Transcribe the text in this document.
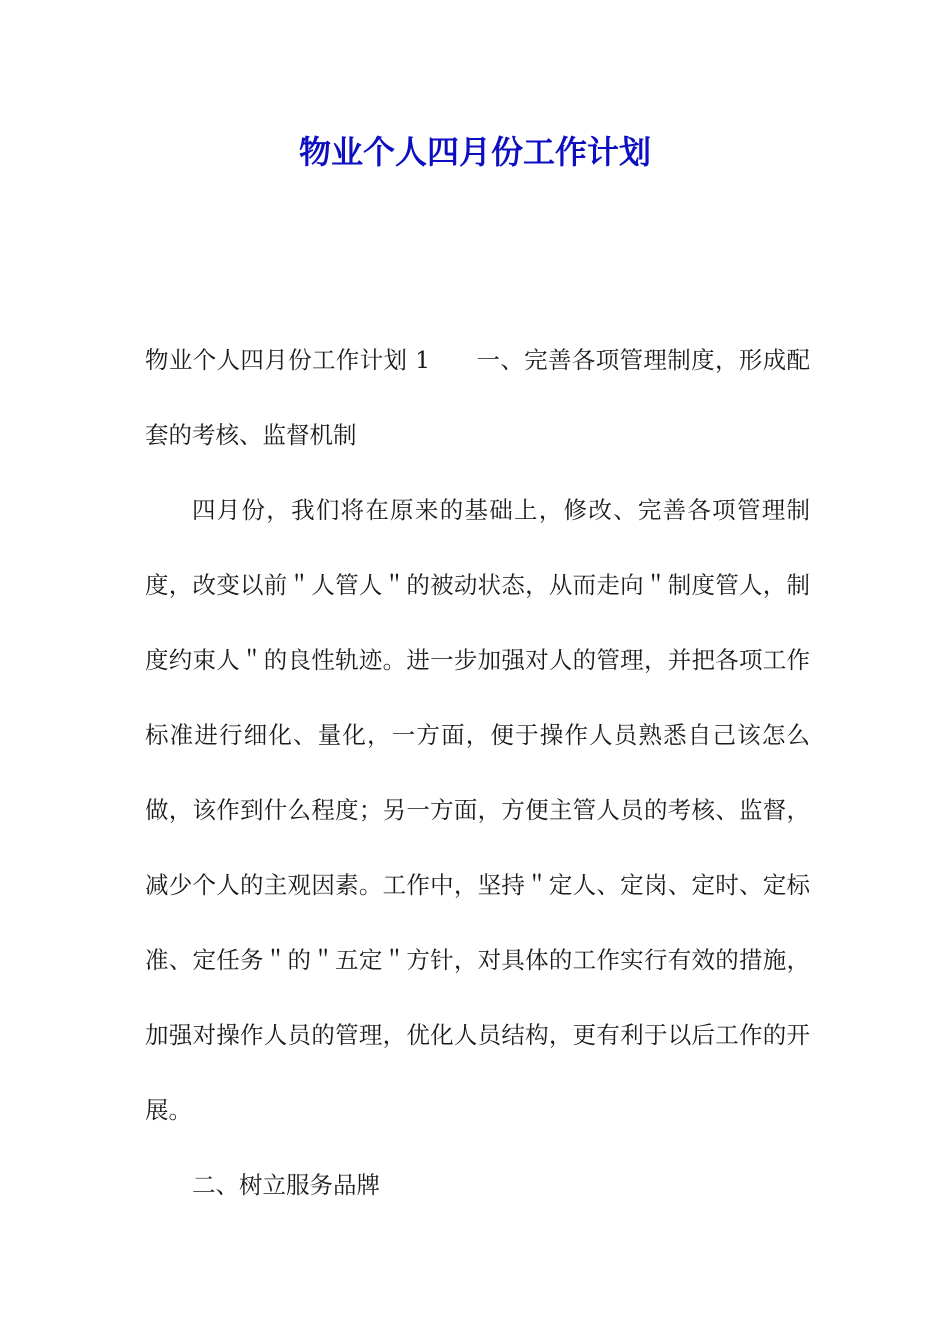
物业个人四月份工作计划

物业个人四月份工作计划 1 一、完善各项管理制度，形成配套的考核、监督机制

四月份，我们将在原来的基础上，修改、完善各项管理制度，改变以前＂人管人＂的被动状态，从而走向＂制度管人，制度约束人＂的良性轨迹。进一步加强对人的管理，并把各项工作标准进行细化、量化，一方面，便于操作人员熟悉自己该怎么做，该作到什么程度；另一方面，方便主管人员的考核、监督，减少个人的主观因素。工作中，坚持＂定人、定岗、定时、定标准、定任务＂的＂五定＂方针，对具体的工作实行有效的措施，加强对操作人员的管理，优化人员结构，更有利于以后工作的开展。

二、树立服务品牌
